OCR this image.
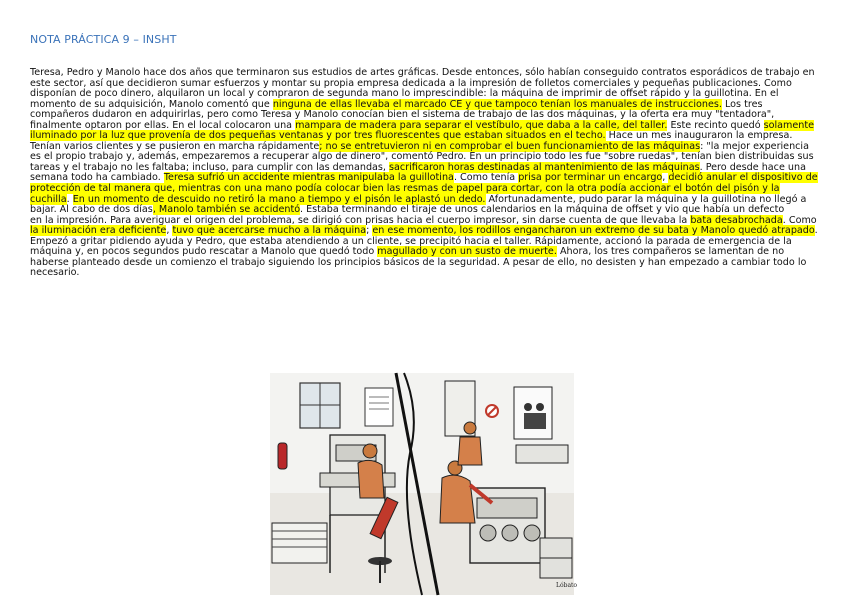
NOTA PRÁCTICA 9 – INSHT
Teresa, Pedro y Manolo hace dos años que terminaron sus estudios de artes gráficas. Desde entonces, sólo habían conseguido contratos esporádicos de trabajo en este sector, así que decidieron sumar esfuerzos y montar su propia empresa dedicada a la impresión de folletos comerciales y pequeñas publicaciones. Como disponían de poco dinero, alquilaron un local y compraron de segunda mano lo imprescindible: la máquina de imprimir de offset rápido y la guillotina. En el momento de su adquisición, Manolo comentó que ninguna de ellas llevaba el marcado CE y que tampoco tenían los manuales de instrucciones. Los tres compañeros dudaron en adquirirlas, pero como Teresa y Manolo conocían bien el sistema de trabajo de las dos máquinas, y la oferta era muy "tentadora", finalmente optaron por ellas. En el local colocaron una mampara de madera para separar el vestíbulo, que daba a la calle, del taller. Este recinto quedó solamente iluminado por la luz que provenía de dos pequeñas ventanas y por tres fluorescentes que estaban situados en el techo. Hace un mes inauguraron la empresa. Tenían varios clientes y se pusieron en marcha rápidamente; no se entretuvieron ni en comprobar el buen funcionamiento de las máquinas: "la mejor experiencia es el propio trabajo y, además, empezaremos a recuperar algo de dinero", comentó Pedro. En un principio todo les fue "sobre ruedas", tenían bien distribuidas sus tareas y el trabajo no les faltaba; incluso, para cumplir con las demandas, sacrificaron horas destinadas al mantenimiento de las máquinas. Pero desde hace una semana todo ha cambiado. Teresa sufrió un accidente mientras manipulaba la guillotina. Como tenía prisa por terminar un encargo, decidió anular el dispositivo de protección de tal manera que, mientras con una mano podía colocar bien las resmas de papel para cortar, con la otra podía accionar el botón del pisón y la cuchilla. En un momento de descuido no retiró la mano a tiempo y el pisón le aplastó un dedo. Afortunadamente, pudo parar la máquina y la guillotina no llegó a bajar. Al cabo de dos días, Manolo también se accidentó. Estaba terminando el tiraje de unos calendarios en la máquina de offset y vio que había un defecto
en la impresión. Para averiguar el origen del problema, se dirigió con prisas hacia el cuerpo impresor, sin darse cuenta de que llevaba la bata desabrochada. Como la iluminación era deficiente, tuvo que acercarse mucho a la máquina; en ese momento, los rodillos engancharon un extremo de su bata y Manolo quedó atrapado. Empezó a gritar pidiendo ayuda y Pedro, que estaba atendiendo a un cliente, se precipitó hacia el taller. Rápidamente, accionó la parada de emergencia de la máquina y, en pocos segundos pudo rescatar a Manolo que quedó todo magullado y con un susto de muerte. Ahora, los tres compañeros se lamentan de no haberse planteado desde un comienzo el trabajo siguiendo los principios básicos de la seguridad. A pesar de ello, no desisten y han empezado a cambiar todo lo necesario.
Lóbato
